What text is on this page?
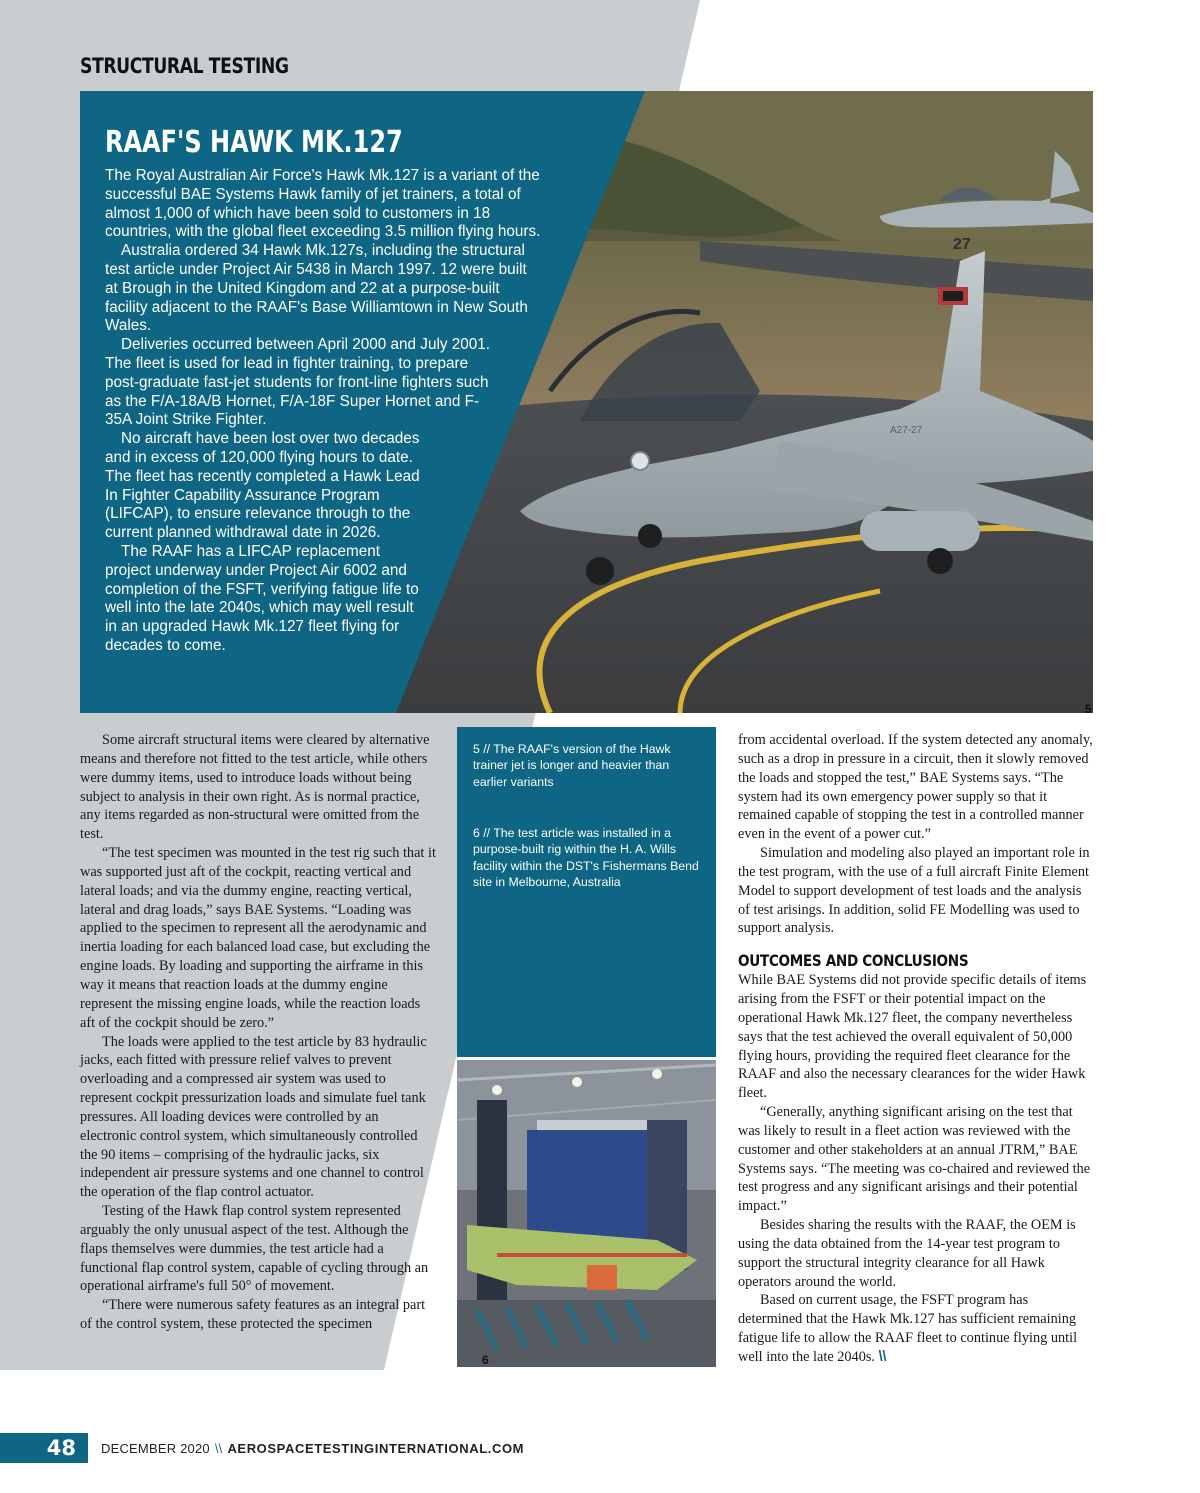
STRUCTURAL TESTING
27
A27-27
RAAF'S HAWK MK.127

The Royal Australian Air Force's Hawk Mk.127 is a variant of the successful BAE Systems Hawk family of jet trainers, a total of almost 1,000 of which have been sold to customers in 18 countries, with the global fleet exceeding 3.5 million flying hours.

Australia ordered 34 Hawk Mk.127s, including the structural test article under Project Air 5438 in March 1997. 12 were built at Brough in the United Kingdom and 22 at a purpose-built facility adjacent to the RAAF's Base Williamtown in New South Wales.

Deliveries occurred between April 2000 and July 2001. The fleet is used for lead in fighter training, to prepare post-graduate fast-jet students for front-line fighters such as the F/A-18A/B Hornet, F/A-18F Super Hornet and F-35A Joint Strike Fighter.

No aircraft have been lost over two decades and in excess of 120,000 flying hours to date. The fleet has recently completed a Hawk Lead In Fighter Capability Assurance Program (LIFCAP), to ensure relevance through to the current planned withdrawal date in 2026.

The RAAF has a LIFCAP replacement project underway under Project Air 6002 and completion of the FSFT, verifying fatigue life to well into the late 2040s, which may well result in an upgraded Hawk Mk.127 fleet flying for decades to come.

5

Some aircraft structural items were cleared by alternative means and therefore not fitted to the test article, while others were dummy items, used to introduce loads without being subject to analysis in their own right. As is normal practice, any items regarded as non-structural were omitted from the test.

“The test specimen was mounted in the test rig such that it was supported just aft of the cockpit, reacting vertical and lateral loads; and via the dummy engine, reacting vertical, lateral and drag loads,” says BAE Systems. “Loading was applied to the specimen to represent all the aerodynamic and inertia loading for each balanced load case, but excluding the engine loads. By loading and supporting the airframe in this way it means that reaction loads at the dummy engine represent the missing engine loads, while the reaction loads aft of the cockpit should be zero.”

The loads were applied to the test article by 83 hydraulic jacks, each fitted with pressure relief valves to prevent overloading and a compressed air system was used to represent cockpit pressurization loads and simulate fuel tank pressures. All loading devices were controlled by an electronic control system, which simultaneously controlled the 90 items – comprising of the hydraulic jacks, six independent air pressure systems and one channel to control the operation of the flap control actuator.

Testing of the Hawk flap control system represented arguably the only unusual aspect of the test. Although the flaps themselves were dummies, the test article had a functional flap control system, capable of cycling through an operational airframe's full 50° of movement.

“There were numerous safety features as an integral part of the control system, these protected the specimen

5 // The RAAF's version of the Hawk trainer jet is longer and heavier than earlier variants
6 // The test article was installed in a purpose-built rig within the H. A. Wills facility within the DST's Fishermans Bend site in Melbourne, Australia
6

from accidental overload. If the system detected any anomaly, such as a drop in pressure in a circuit, then it slowly removed the loads and stopped the test,” BAE Systems says. “The system had its own emergency power supply so that it remained capable of stopping the test in a controlled manner even in the event of a power cut.”

Simulation and modeling also played an important role in the test program, with the use of a full aircraft Finite Element Model to support development of test loads and the analysis of test arisings. In addition, solid FE Modelling was used to support analysis.

OUTCOMES AND CONCLUSIONS

While BAE Systems did not provide specific details of items arising from the FSFT or their potential impact on the operational Hawk Mk.127 fleet, the company nevertheless says that the test achieved the overall equivalent of 50,000 flying hours, providing the required fleet clearance for the RAAF and also the necessary clearances for the wider Hawk fleet.

“Generally, anything significant arising on the test that was likely to result in a fleet action was reviewed with the customer and other stakeholders at an annual JTRM,” BAE Systems says. “The meeting was co-chaired and reviewed the test progress and any significant arisings and their potential impact.”

Besides sharing the results with the RAAF, the OEM is using the data obtained from the 14-year test program to support the structural integrity clearance for all Hawk operators around the world.

Based on current usage, the FSFT program has determined that the Hawk Mk.127 has sufficient remaining fatigue life to allow the RAAF fleet to continue flying until well into the late 2040s. \\

48	DECEMBER 2020 \\ AEROSPACETESTINGINTERNATIONAL.COM
